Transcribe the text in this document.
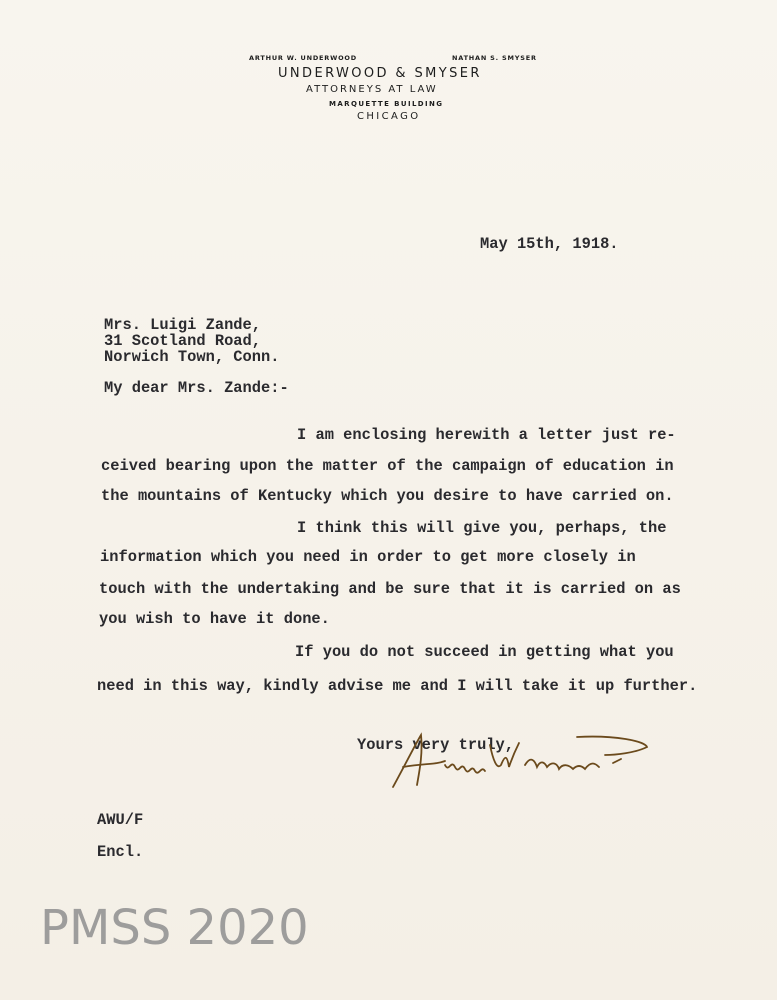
ARTHUR W. UNDERWOOD	NATHAN S. SMYSER
UNDERWOOD & SMYSER
ATTORNEYS AT LAW
MARQUETTE BUILDING
CHICAGO
May 15th, 1918.
Mrs. Luigi Zande,
31 Scotland Road,
Norwich Town, Conn.
My dear Mrs. Zande:-
I am enclosing herewith a letter just re-
ceived bearing upon the matter of the campaign of education in
the mountains of Kentucky which you desire to have carried on.
I think this will give you, perhaps, the
information which you need in order to get more closely in
touch with the undertaking and be sure that it is carried on as
you wish to have it done.
If you do not succeed in getting what you
need in this way, kindly advise me and I will take it up further.
Yours very truly,
AWU/F
Encl.
PMSS 2020
